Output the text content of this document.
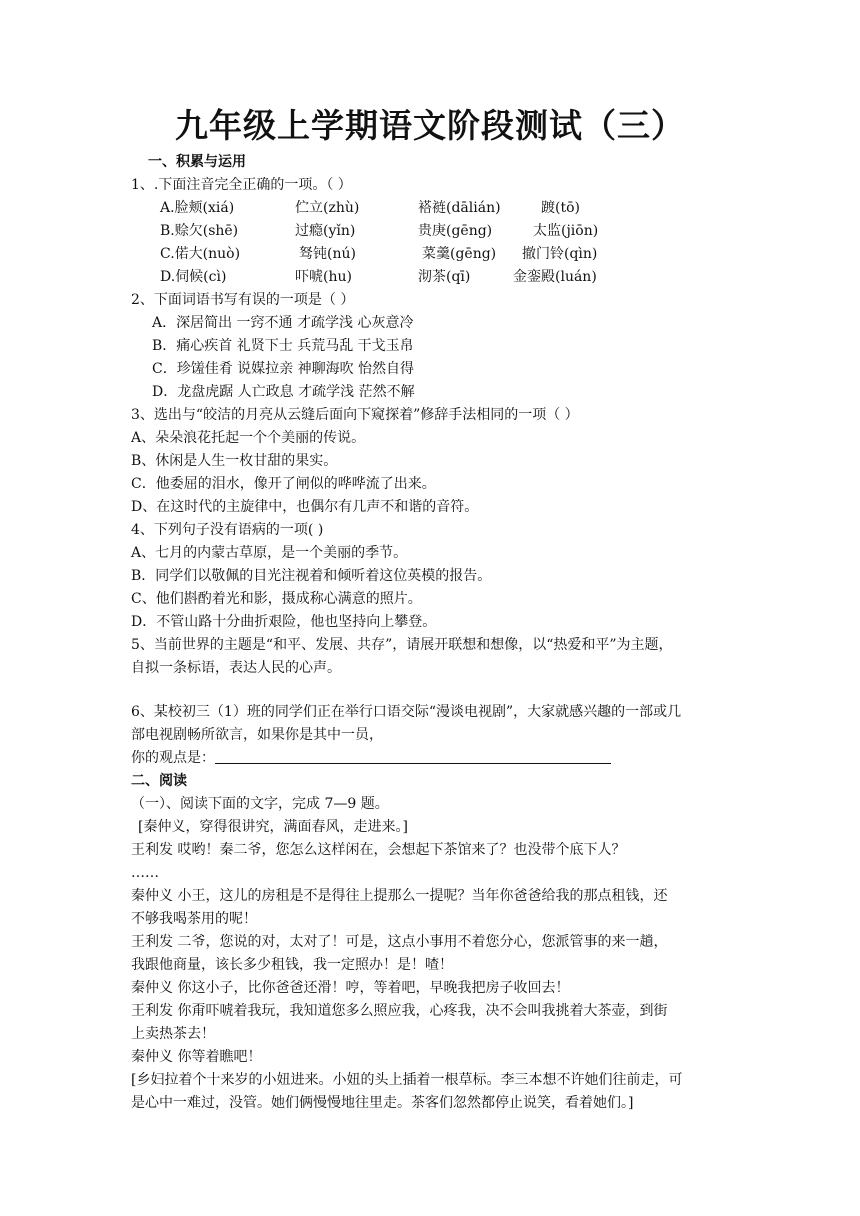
九年级上学期语文阶段测试（三）
一、积累与运用
1、.下面注音完全正确的一项。（ ）
A.脸颊(xiá)	伫立(zhù)	褡裢(dālián)	踱(tō)
B.赊欠(shē)	过瘾(yǐn)	贵庚(gēng)	太监(jiōn)
C.偌大(nuò)	驽钝(nú)	菜羹(gēng) 撤门铃(qìn)
D.伺候(cì)	吓唬(hu)	沏茶(qī)	金銮殿(luán)
2、下面词语书写有误的一项是（ ）
A．深居简出 一窍不通 才疏学浅 心灰意冷
B．痛心疾首 礼贤下士 兵荒马乱 干戈玉帛
C．珍馐佳肴 说媒拉亲 神聊海吹 怡然自得
D．龙盘虎踞 人亡政息 才疏学浅 茫然不解
3、选出与“皎洁的月亮从云缝后面向下窥探着”修辞手法相同的一项（ ）
A、朵朵浪花托起一个个美丽的传说。
B、休闲是人生一枚甘甜的果实。
C．他委屈的泪水，像开了闸似的哗哗流了出来。
D、在这时代的主旋律中，也偶尔有几声不和谐的音符。
4、下列句子没有语病的一项( )
A、七月的内蒙古草原，是一个美丽的季节。
B．同学们以敬佩的目光注视着和倾听着这位英模的报告。
C、他们斟酌着光和影，摄成称心满意的照片。
D．不管山路十分曲折艰险，他也坚持向上攀登。
5、当前世界的主题是“和平、发展、共存”，请展开联想和想像，以“热爱和平”为主题，
自拟一条标语，表达人民的心声。
6、某校初三（1）班的同学们正在举行口语交际“漫谈电视剧”，大家就感兴趣的一部或几
部电视剧畅所欲言，如果你是其中一员，
你的观点是：
二、阅读
（一）、阅读下面的文字，完成 7—9 题。
[秦仲义，穿得很讲究，满面春风，走进来。]
王利发 哎哟！秦二爷，您怎么这样闲在，会想起下茶馆来了？也没带个底下人？
……
秦仲义 小王，这儿的房租是不是得往上提那么一提呢？当年你爸爸给我的那点租钱，还
不够我喝茶用的呢！
王利发 二爷，您说的对，太对了！可是，这点小事用不着您分心，您派管事的来一趟，
我跟他商量，该长多少租钱，我一定照办！是！喳！
秦仲义 你这小子，比你爸爸还滑！哼，等着吧，早晚我把房子收回去！
王利发 你甭吓唬着我玩，我知道您多么照应我，心疼我，决不会叫我挑着大茶壶，到街
上卖热茶去！
秦仲义 你等着瞧吧！
[乡妇拉着个十来岁的小妞进来。小妞的头上插着一根草标。李三本想不许她们往前走，可
是心中一难过，没管。她们俩慢慢地往里走。茶客们忽然都停止说笑，看着她们。]
